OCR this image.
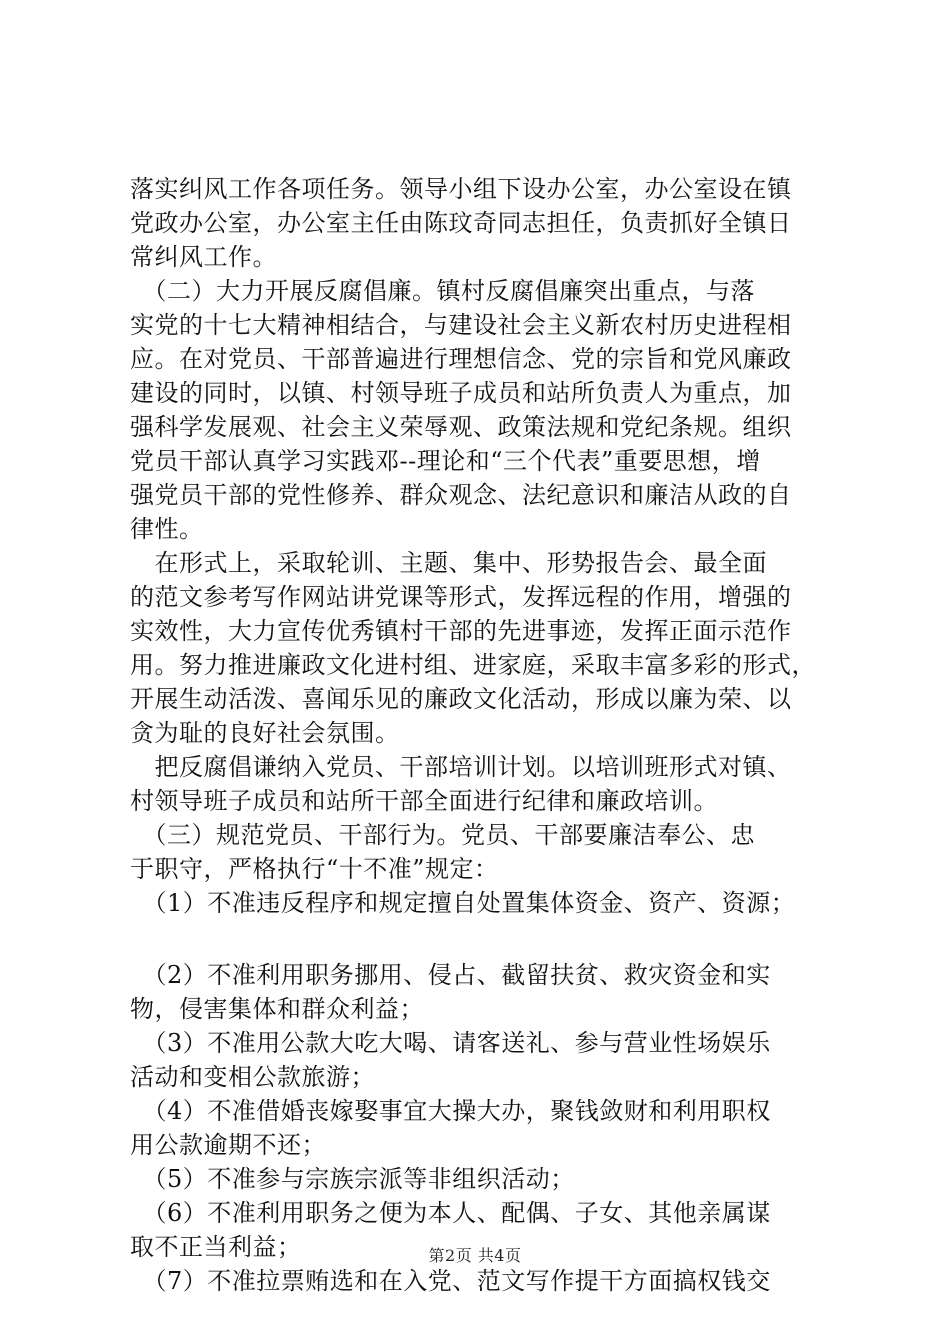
落实纠风工作各项任务。领导小组下设办公室，办公室设在镇
党政办公室，办公室主任由陈玟奇同志担任，负责抓好全镇日
常纠风工作。
　（二）大力开展反腐倡廉。镇村反腐倡廉突出重点，与落
实党的十七大精神相结合，与建设社会主义新农村历史进程相
应。在对党员、干部普遍进行理想信念、党的宗旨和党风廉政
建设的同时，以镇、村领导班子成员和站所负责人为重点，加
强科学发展观、社会主义荣辱观、政策法规和党纪条规。组织
党员干部认真学习实践邓--理论和“三个代表”重要思想，增
强党员干部的党性修养、群众观念、法纪意识和廉洁从政的自
律性。
　在形式上，采取轮训、主题、集中、形势报告会、最全面
的范文参考写作网站讲党课等形式，发挥远程的作用，增强的
实效性，大力宣传优秀镇村干部的先进事迹，发挥正面示范作
用。努力推进廉政文化进村组、进家庭，采取丰富多彩的形式，
开展生动活泼、喜闻乐见的廉政文化活动，形成以廉为荣、以
贪为耻的良好社会氛围。
　把反腐倡谦纳入党员、干部培训计划。以培训班形式对镇、
村领导班子成员和站所干部全面进行纪律和廉政培训。
　（三）规范党员、干部行为。党员、干部要廉洁奉公、忠
于职守，严格执行“十不准”规定：
　（1）不准违反程序和规定擅自处置集体资金、资产、资源；
　（2）不准利用职务挪用、侵占、截留扶贫、救灾资金和实
物，侵害集体和群众利益；
　（3）不准用公款大吃大喝、请客送礼、参与营业性场娱乐
活动和变相公款旅游；
　（4）不准借婚丧嫁娶事宜大操大办，聚钱敛财和利用职权
用公款逾期不还；
　（5）不准参与宗族宗派等非组织活动；
　（6）不准利用职务之便为本人、配偶、子女、其他亲属谋
取不正当利益；
　（7）不准拉票贿选和在入党、范文写作提干方面搞权钱交
第2页 共4页
